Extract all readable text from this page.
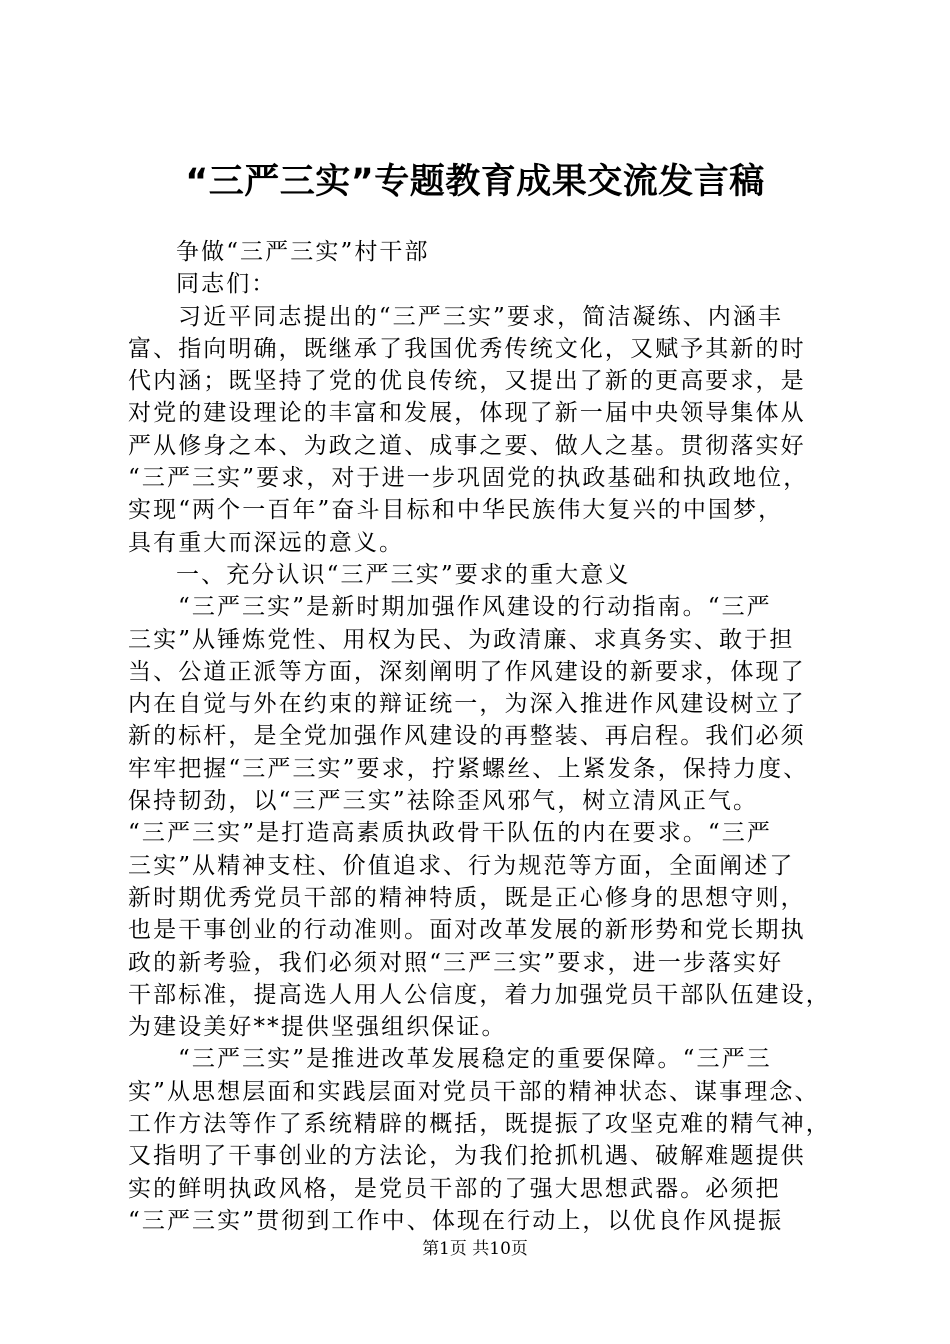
“三严三实”专题教育成果交流发言稿
争做“三严三实”村干部
同志们：
习近平同志提出的“三严三实”要求，简洁凝练、内涵丰
富、指向明确，既继承了我国优秀传统文化，又赋予其新的时
代内涵；既坚持了党的优良传统，又提出了新的更高要求，是
对党的建设理论的丰富和发展，体现了新一届中央领导集体从
严从修身之本、为政之道、成事之要、做人之基。贯彻落实好
“三严三实”要求，对于进一步巩固党的执政基础和执政地位，
实现“两个一百年”奋斗目标和中华民族伟大复兴的中国梦，
具有重大而深远的意义。
一、充分认识“三严三实”要求的重大意义
“三严三实”是新时期加强作风建设的行动指南。“三严
三实”从锤炼党性、用权为民、为政清廉、求真务实、敢于担
当、公道正派等方面，深刻阐明了作风建设的新要求，体现了
内在自觉与外在约束的辩证统一，为深入推进作风建设树立了
新的标杆，是全党加强作风建设的再整装、再启程。我们必须
牢牢把握“三严三实”要求，拧紧螺丝、上紧发条，保持力度、
保持韧劲，以“三严三实”祛除歪风邪气，树立清风正气。
“三严三实”是打造高素质执政骨干队伍的内在要求。“三严
三实”从精神支柱、价值追求、行为规范等方面，全面阐述了
新时期优秀党员干部的精神特质，既是正心修身的思想守则，
也是干事创业的行动准则。面对改革发展的新形势和党长期执
政的新考验，我们必须对照“三严三实”要求，进一步落实好
干部标准，提高选人用人公信度，着力加强党员干部队伍建设，
为建设美好**提供坚强组织保证。
“三严三实”是推进改革发展稳定的重要保障。“三严三
实”从思想层面和实践层面对党员干部的精神状态、谋事理念、
工作方法等作了系统精辟的概括，既提振了攻坚克难的精气神，
又指明了干事创业的方法论，为我们抢抓机遇、破解难题提供
实的鲜明执政风格，是党员干部的了强大思想武器。必须把
“三严三实”贯彻到工作中、体现在行动上，以优良作风提振
第1页 共10页
